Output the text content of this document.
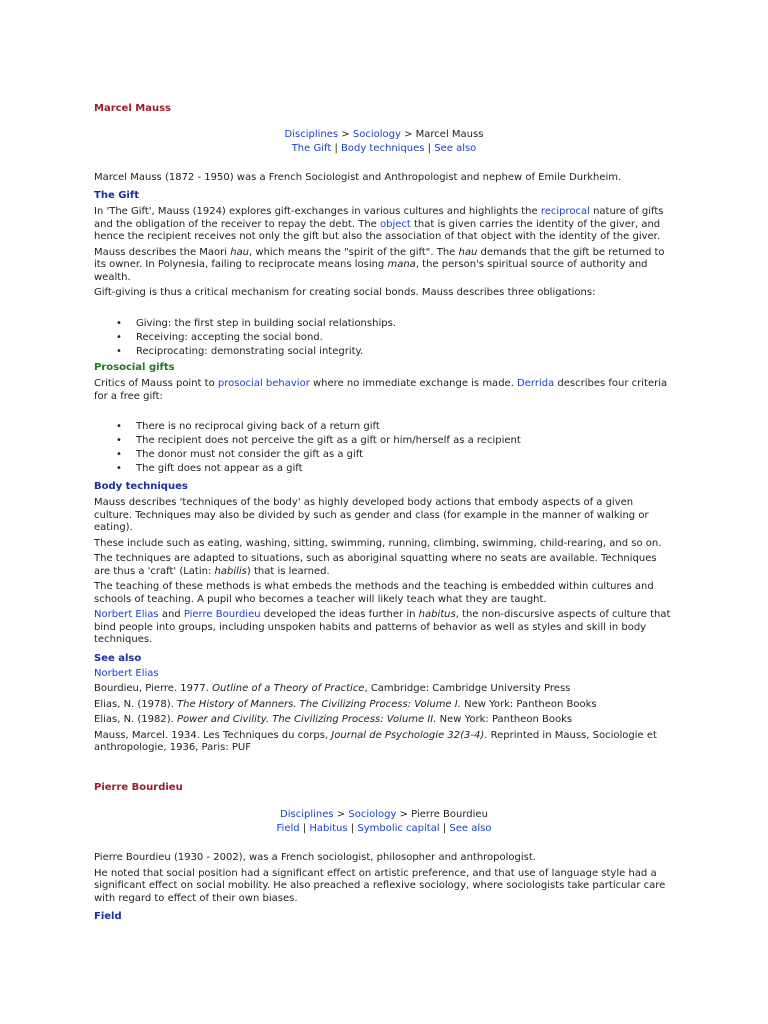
Marcel Mauss
Disciplines > Sociology > Marcel Mauss
The Gift | Body techniques | See also
Marcel Mauss (1872 - 1950) was a French Sociologist and Anthropologist and nephew of Emile Durkheim.
The Gift

In 'The Gift', Mauss (1924) explores gift-exchanges in various cultures and highlights the reciprocal nature of gifts and the obligation of the receiver to repay the debt. The object that is given carries the identity of the giver, and hence the recipient receives not only the gift but also the association of that object with the identity of the giver.

Mauss describes the Maori hau, which means the "spirit of the gift". The hau demands that the gift be returned to its owner. In Polynesia, failing to reciprocate means losing mana, the person's spiritual source of authority and wealth.

Gift-giving is thus a critical mechanism for creating social bonds. Mauss describes three obligations:

• Giving: the first step in building social relationships.
• Receiving: accepting the social bond.
• Reciprocating: demonstrating social integrity.
Prosocial gifts
Critics of Mauss point to prosocial behavior where no immediate exchange is made. Derrida describes four criteria for a free gift:
• There is no reciprocal giving back of a return gift
• The recipient does not perceive the gift as a gift or him/herself as a recipient
• The donor must not consider the gift as a gift
• The gift does not appear as a gift
Body techniques

Mauss describes 'techniques of the body' as highly developed body actions that embody aspects of a given culture. Techniques may also be divided by such as gender and class (for example in the manner of walking or eating).

These include such as eating, washing, sitting, swimming, running, climbing, swimming, child-rearing, and so on.

The techniques are adapted to situations, such as aboriginal squatting where no seats are available. Techniques are thus a 'craft' (Latin: habilis) that is learned.

The teaching of these methods is what embeds the methods and the teaching is embedded within cultures and schools of teaching. A pupil who becomes a teacher will likely teach what they are taught.

Norbert Elias and Pierre Bourdieu developed the ideas further in habitus, the non-discursive aspects of culture that bind people into groups, including unspoken habits and patterns of behavior as well as styles and skill in body techniques.

See also
Norbert Elias

Bourdieu, Pierre. 1977. Outline of a Theory of Practice, Cambridge: Cambridge University Press

Elias, N. (1978). The History of Manners. The Civilizing Process: Volume I. New York: Pantheon Books

Elias, N. (1982). Power and Civility. The Civilizing Process: Volume II. New York: Pantheon Books

Mauss, Marcel. 1934. Les Techniques du corps, Journal de Psychologie 32(3-4). Reprinted in Mauss, Sociologie et anthropologie, 1936, Paris: PUF

Pierre Bourdieu
Disciplines > Sociology > Pierre Bourdieu
Field | Habitus | Symbolic capital | See also

Pierre Bourdieu (1930 - 2002), was a French sociologist, philosopher and anthropologist.

He noted that social position had a significant effect on artistic preference, and that use of language style had a significant effect on social mobility. He also preached a reflexive sociology, where sociologists take particular care with regard to effect of their own biases.

Field
